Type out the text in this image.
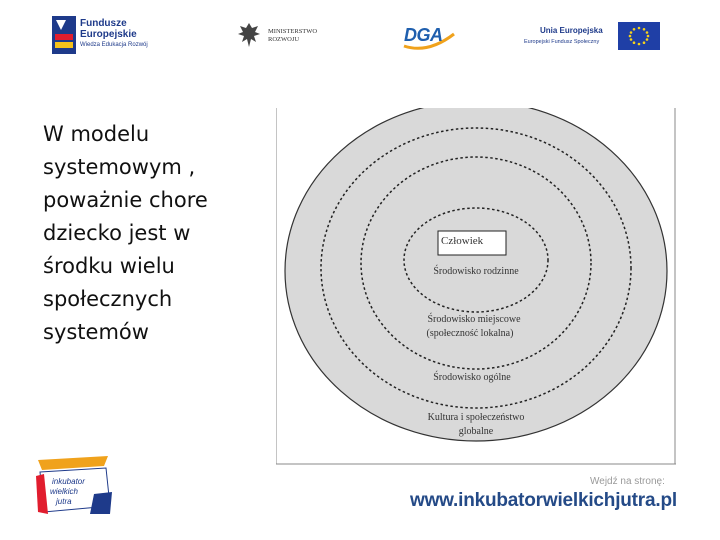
Fundusze
Europejskie
Wiedza Edukacja Rozwój
MINISTERSTWO
ROZWOJU	DGA	Unia Europejska
Europejski Fundusz Społeczny
W modelu systemowym , poważnie chore dziecko jest w środku wielu społecznych systemów
Człowiek
Środowisko rodzinne
Środowisko miejscowe
(społeczność lokalna)
Środowisko ogólne
Kultura i społeczeństwo
globalne
inkubator
wielkich
jutra
Wejdź na stronę:
www.inkubatorwielkichjutra.pl
